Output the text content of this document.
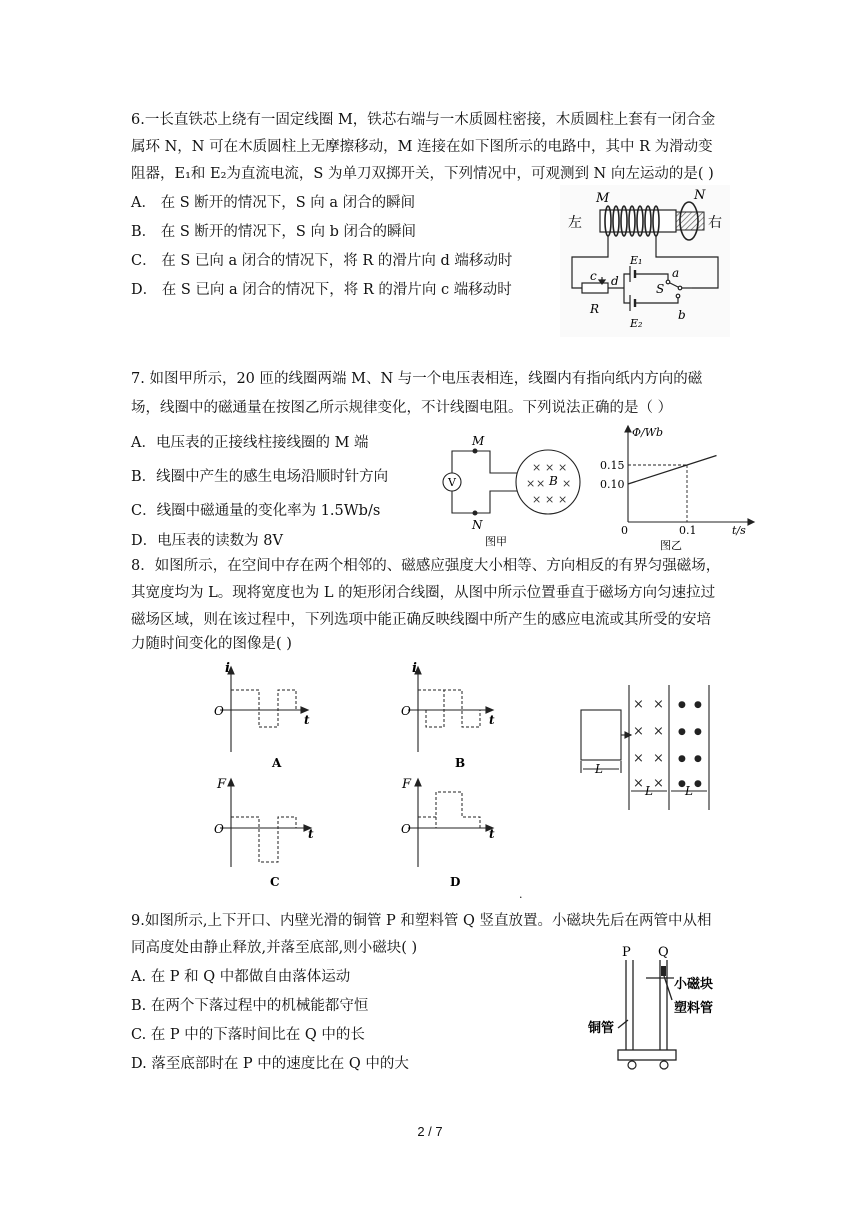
6.一长直铁芯上绕有一固定线圈 M，铁芯右端与一木质圆柱密接，木质圆柱上套有一闭合金
属环 N，N 可在木质圆柱上无摩擦移动，M 连接在如下图所示的电路中，其中 R 为滑动变
阻器，E₁和 E₂为直流电流，S 为单刀双掷开关，下列情况中，可观测到 N 向左运动的是( )
A． 在 S 断开的情况下，S 向 a 闭合的瞬间
B． 在 S 断开的情况下，S 向 b 闭合的瞬间
C． 在 S 已向 a 闭合的情况下，将 R 的滑片向 d 端移动时
D． 在 S 已向 a 闭合的情况下，将 R 的滑片向 c 端移动时
M	N
左	右
E₁
E₂
a
b
c d
S
R
7. 如图甲所示，20 匝的线圈两端 M、N 与一个电压表相连，线圈内有指向纸内方向的磁
场，线圈中的磁通量在按图乙所示规律变化，不计线圈电阻。下列说法正确的是（ ）
A．电压表的正接线柱接线圈的 M 端
B．线圈中产生的感生电场沿顺时针方向
C．线圈中磁通量的变化率为 1.5Wb/s
D．电压表的读数为 8V
V
M
N
× × ×
× × ×
× × ×
B
图甲
Φ/Wb
t/s
0
0.15
0.10
0.1
图乙
8．如图所示，在空间中存在两个相邻的、磁感应强度大小相等、方向相反的有界匀强磁场，
其宽度均为 L。现将宽度也为 L 的矩形闭合线圈，从图中所示位置垂直于磁场方向匀速拉过
磁场区域，则在该过程中，下列选项中能正确反映线圈中所产生的感应电流或其所受的安培
力随时间变化的图像是( )
i
O
t
A
i
O
t
B
F
O	t
C
F
O	t
D
× ×
× ×
× ×
× ×
● ●
● ●
● ●
● ●
L
L	L
.
9.如图所示,上下开口、内壁光滑的铜管 P 和塑料管 Q 竖直放置。小磁块先后在两管中从相
同高度处由静止释放,并落至底部,则小磁块( )
A. 在 P 和 Q 中都做自由落体运动
B. 在两个下落过程中的机械能都守恒
C. 在 P 中的下落时间比在 Q 中的长
D. 落至底部时在 P 中的速度比在 Q 中的大
P Q
小磁块
塑料管
铜管
2 / 7
